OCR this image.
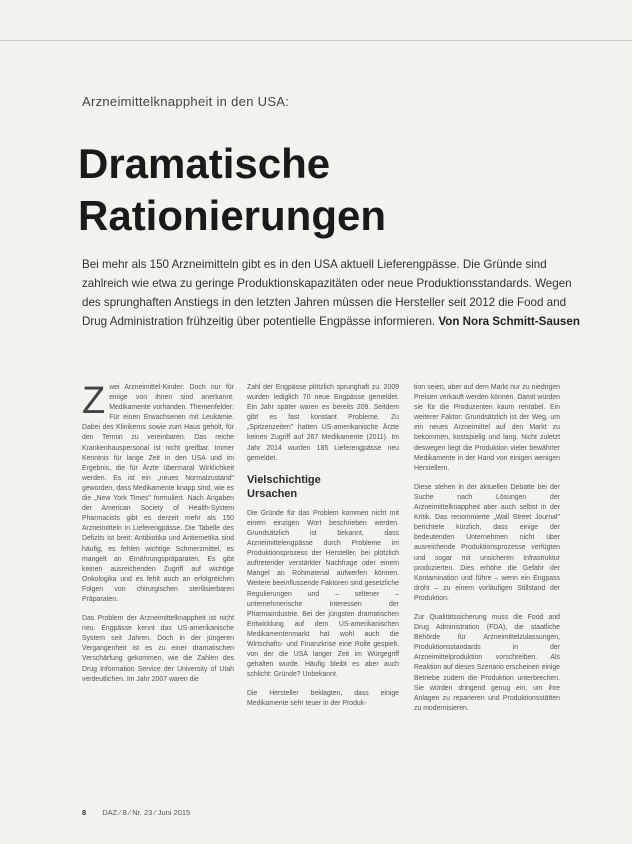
Arzneimittelknappheit in den USA:
Dramatische
Rationierungen

Bei mehr als 150 Arzneimitteln gibt es in den USA aktuell Lieferengpässe. Die Gründe sind zahlreich wie etwa zu geringe Produktionskapazitäten oder neue Produktionsstandards. Wegen des sprunghaften Anstiegs in den letzten Jahren müssen die Hersteller seit 2012 die Food and Drug Administration frühzeitig über potentielle Engpässe informieren. Von Nora Schmitt-Sausen

Zwei Arzneimittel-Kinder: Doch nur für einige von ihnen sind anerkannt. Medikamente vorhanden. Themenfelder: Für einen Erwachsenen mit Leukämie. Dabei des Klinikerns sowie zum Haus geholt, für den Termin zu vereinbaren. Das reiche Krankenhauspersonal ist nicht greifbar. Immer Kenntnis für lange Zeit in den USA und im Ergebnis, die für Ärzte übermaral Wirklichkeit werden. Es ist ein „neues Normalzustand" geworden, dass Medikamente knapp sind, wie es die „New York Times" formuliert. Nach Angaben der American Society of Health-System Pharmacists gibt es derzeit mehr als 150 Arzneimitteln in Lieferengpässe. Die Tabelle des Defizits ist breit: Antibiotika und Antiemetika sind häufig, es fehlen wichtige Schmerzmittel, es mangelt an Ernährungspräparaten. Es gibt keinen ausreichenden Zugriff auf wichtige Onkologika und es fehlt auch an erfolgreichen Folgen von chirurgischen sterilisierbaren Präparaten.

Das Problem der Arzneimittelknappheit ist nicht neu. Engpässe kennt das US-amerikanische System seit Jahren. Doch in der jüngeren Vergangenheit ist es zu einer dramatischen Verschärfung gekommen, wie die Zahlen des Drug Information Service der University of Utah verdeutlichen. Im Jahr 2007 waren die

Zahl der Engpässe plötzlich sprunghaft zu. 2009 wurden lediglich 70 neue Engpässe gemeldet. Ein Jahr später waren es bereits 209. Seitdem gibt es fast konstant Probleme. Zu „Spitzenzeiten" hatten US-amerikanische Ärzte keinen Zugriff auf 267 Medikamente (2011). Im Jahr 2014 wurden 185 Lieferengpässe neu gemeldet.

Vielschichtige
Ursachen

Die Gründe für das Problem kommen nicht mit einem einzigen Wort beschrieben werden. Grundsätzlich ist bekannt, dass Arzneimittelengpässe durch Probleme im Produktionsprozess der Hersteller, bei plötzlich auftretender verstärkter Nachfrage oder einem Mangel an Rohmaterial aufwerfen können. Weitere beeinflussende Faktoren sind gesetzliche Regulierungen und – seltener – unternehmerische Interessen der Pharmaindustrie. Bei der jüngsten dramatischen Entwicklung auf dem US-amerikanischen Medikamentenmarkt hat wohl auch die Wirtschafts- und Finanzkrise eine Rolle gespielt, von der die USA langer Zeit im Würgegriff gehalten wurde. Häufig bleibt es aber auch schlicht: Gründe? Unbekannt.

Die Hersteller beklagten, dass einige Medikamente sehr teuer in der Produk-

tion seien, aber auf dem Markt nur zu niedrigen Preisen verkauft werden können. Damit würden sie für die Produzenten kaum rentabel. Ein weiterer Faktor: Grundsätzlich ist der Weg, um ein neues Arzneimittel auf den Markt zu bekommen, kostspielig und lang. Nicht zuletzt deswegen liegt die Produktion vieler bewährter Medikamente in der Hand von einigen wenigen Herstellern.

Diese stehen in der aktuellen Debatte bei der Suche nach Lösungen der Arzneimittelknappheit aber auch selbst in der Kritik. Das renommierte „Wall Street Journal" berichtete kürzlich, dass einige der bedeutenden Unternehmen nicht über ausreichende Produktionsprozesse verfügten und sogar mit unsicheren Infrastruktur produzierten. Dies erhöhe die Gefahr der Kontamination und führe – wenn ein Engpass droht – zu einem vorläufigen Stillstand der Produktion.

Zur Qualitätssicherung muss die Food and Drug Administration (FDA), die staatliche Behörde für Arzneimittelzulassungen, Produktionsstandards in der Arzneimittelproduktion vorschreiben. Als Reaktion auf dieses Szenario erscheinen einige Betriebe zudem die Produktion unterbrechen. Sie würden dringend genug ein, um ihre Anlagen zu reparieren und Produktionsstätten zu modernisieren.

8 DAZ ⁄ 8 ⁄ Nr. 23 ⁄ Juni 2015
